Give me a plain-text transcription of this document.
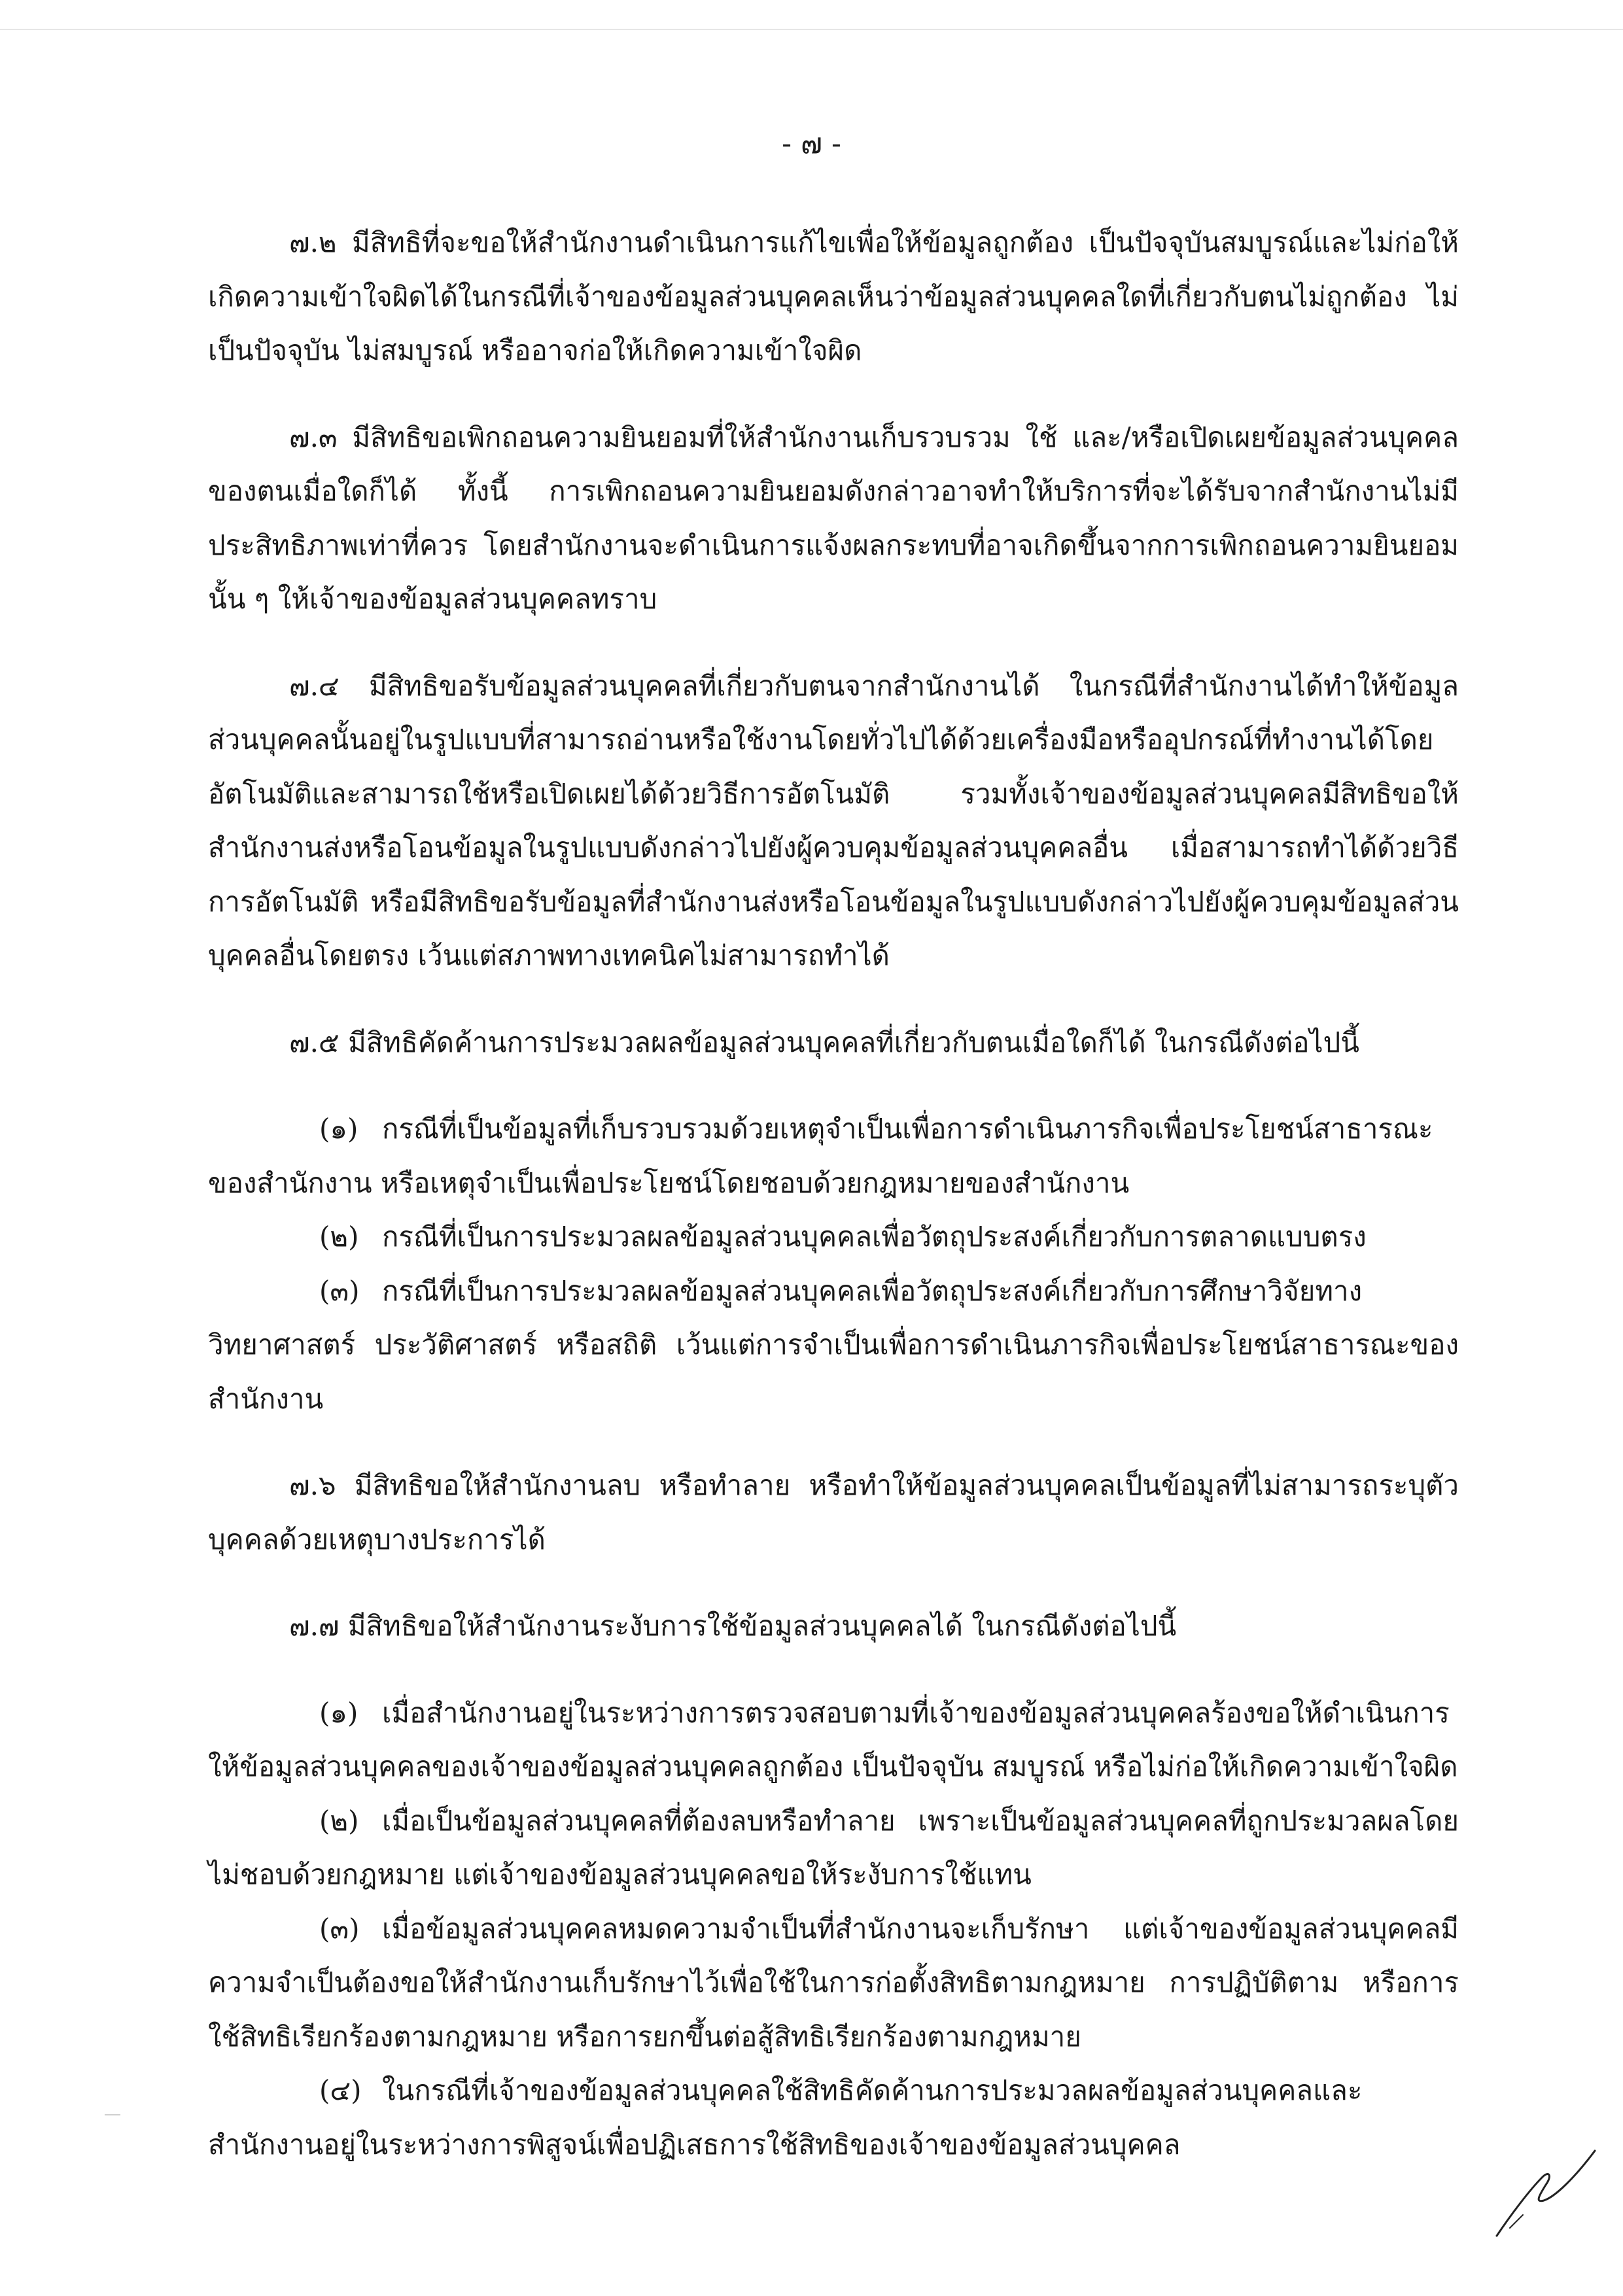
- ๗ -

๗.๒ มีสิทธิที่จะขอให้สำนักงานดำเนินการแก้ไขเพื่อให้ข้อมูลถูกต้อง เป็นปัจจุบันสมบูรณ์และไม่ก่อให้เกิดความเข้าใจผิดได้ในกรณีที่เจ้าของข้อมูลส่วนบุคคลเห็นว่าข้อมูลส่วนบุคคลใดที่เกี่ยวกับตนไม่ถูกต้อง ไม่เป็นปัจจุบัน ไม่สมบูรณ์ หรืออาจก่อให้เกิดความเข้าใจผิด

๗.๓ มีสิทธิขอเพิกถอนความยินยอมที่ให้สำนักงานเก็บรวบรวม ใช้ และ/หรือเปิดเผยข้อมูลส่วนบุคคลของตนเมื่อใดก็ได้ ทั้งนี้ การเพิกถอนความยินยอมดังกล่าวอาจทำให้บริการที่จะได้รับจากสำนักงานไม่มีประสิทธิภาพเท่าที่ควร โดยสำนักงานจะดำเนินการแจ้งผลกระทบที่อาจเกิดขึ้นจากการเพิกถอนความยินยอมนั้น ๆ ให้เจ้าของข้อมูลส่วนบุคคลทราบ

๗.๔ มีสิทธิขอรับข้อมูลส่วนบุคคลที่เกี่ยวกับตนจากสำนักงานได้ ในกรณีที่สำนักงานได้ทำให้ข้อมูลส่วนบุคคลนั้นอยู่ในรูปแบบที่สามารถอ่านหรือใช้งานโดยทั่วไปได้ด้วยเครื่องมือหรืออุปกรณ์ที่ทำงานได้โดยอัตโนมัติและสามารถใช้หรือเปิดเผยได้ด้วยวิธีการอัตโนมัติ รวมทั้งเจ้าของข้อมูลส่วนบุคคลมีสิทธิขอให้สำนักงานส่งหรือโอนข้อมูลในรูปแบบดังกล่าวไปยังผู้ควบคุมข้อมูลส่วนบุคคลอื่น เมื่อสามารถทำได้ด้วยวิธีการอัตโนมัติ หรือมีสิทธิขอรับข้อมูลที่สำนักงานส่งหรือโอนข้อมูลในรูปแบบดังกล่าวไปยังผู้ควบคุมข้อมูลส่วนบุคคลอื่นโดยตรง เว้นแต่สภาพทางเทคนิคไม่สามารถทำได้

๗.๕ มีสิทธิคัดค้านการประมวลผลข้อมูลส่วนบุคคลที่เกี่ยวกับตนเมื่อใดก็ได้ ในกรณีดังต่อไปนี้

(๑) กรณีที่เป็นข้อมูลที่เก็บรวบรวมด้วยเหตุจำเป็นเพื่อการดำเนินภารกิจเพื่อประโยชน์สาธารณะของสำนักงาน หรือเหตุจำเป็นเพื่อประโยชน์โดยชอบด้วยกฎหมายของสำนักงาน

(๒) กรณีที่เป็นการประมวลผลข้อมูลส่วนบุคคลเพื่อวัตถุประสงค์เกี่ยวกับการตลาดแบบตรง

(๓) กรณีที่เป็นการประมวลผลข้อมูลส่วนบุคคลเพื่อวัตถุประสงค์เกี่ยวกับการศึกษาวิจัยทางวิทยาศาสตร์ ประวัติศาสตร์ หรือสถิติ เว้นแต่การจำเป็นเพื่อการดำเนินภารกิจเพื่อประโยชน์สาธารณะของสำนักงาน

๗.๖ มีสิทธิขอให้สำนักงานลบ หรือทำลาย หรือทำให้ข้อมูลส่วนบุคคลเป็นข้อมูลที่ไม่สามารถระบุตัวบุคคลด้วยเหตุบางประการได้

๗.๗ มีสิทธิขอให้สำนักงานระงับการใช้ข้อมูลส่วนบุคคลได้ ในกรณีดังต่อไปนี้

(๑) เมื่อสำนักงานอยู่ในระหว่างการตรวจสอบตามที่เจ้าของข้อมูลส่วนบุคคลร้องขอให้ดำเนินการให้ข้อมูลส่วนบุคคลของเจ้าของข้อมูลส่วนบุคคลถูกต้อง เป็นปัจจุบัน สมบูรณ์ หรือไม่ก่อให้เกิดความเข้าใจผิด

(๒) เมื่อเป็นข้อมูลส่วนบุคคลที่ต้องลบหรือทำลาย เพราะเป็นข้อมูลส่วนบุคคลที่ถูกประมวลผลโดยไม่ชอบด้วยกฎหมาย แต่เจ้าของข้อมูลส่วนบุคคลขอให้ระงับการใช้แทน

(๓) เมื่อข้อมูลส่วนบุคคลหมดความจำเป็นที่สำนักงานจะเก็บรักษา แต่เจ้าของข้อมูลส่วนบุคคลมีความจำเป็นต้องขอให้สำนักงานเก็บรักษาไว้เพื่อใช้ในการก่อตั้งสิทธิตามกฎหมาย การปฏิบัติตาม หรือการใช้สิทธิเรียกร้องตามกฎหมาย หรือการยกขึ้นต่อสู้สิทธิเรียกร้องตามกฎหมาย

(๔) ในกรณีที่เจ้าของข้อมูลส่วนบุคคลใช้สิทธิคัดค้านการประมวลผลข้อมูลส่วนบุคคลและสำนักงานอยู่ในระหว่างการพิสูจน์เพื่อปฏิเสธการใช้สิทธิของเจ้าของข้อมูลส่วนบุคคล
